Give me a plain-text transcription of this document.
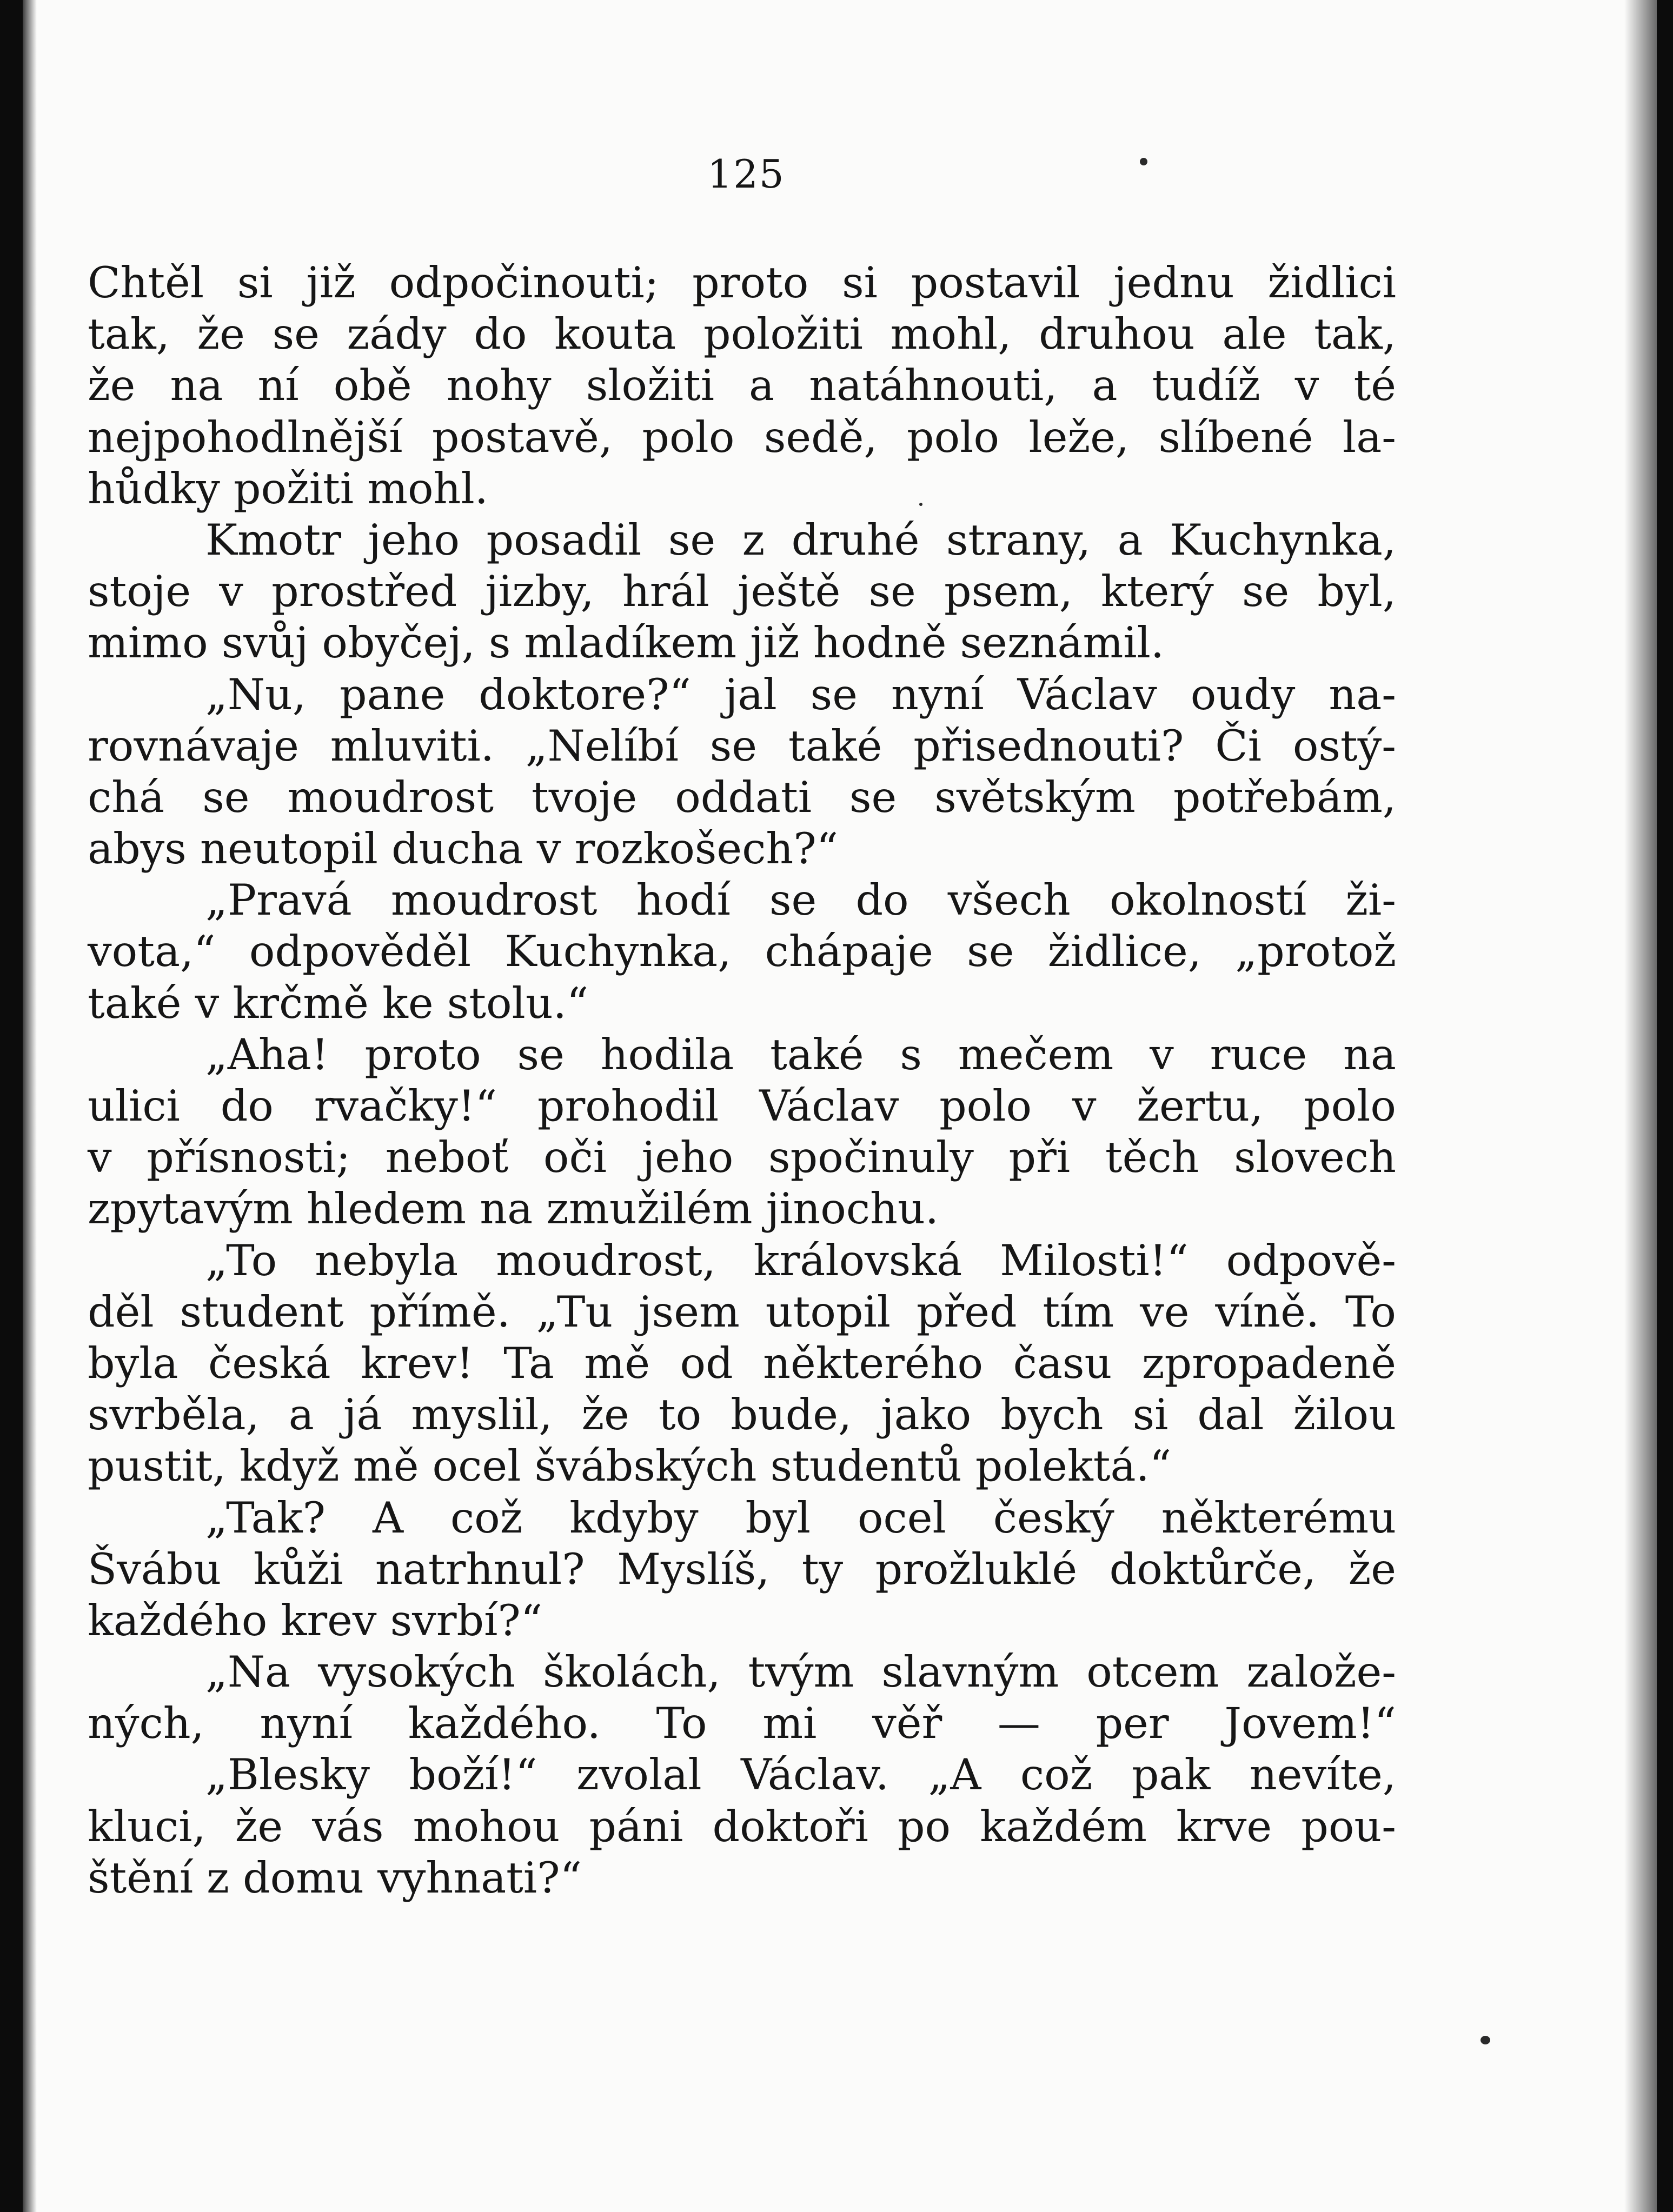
125
Chtěl si již odpočinouti; proto si postavil jednu židlici
tak, že se zády do kouta položiti mohl, druhou ale tak,
že na ní obě nohy složiti a natáhnouti, a tudíž v té
nejpohodlnější postavě, polo sedě, polo leže, slíbené la-
hůdky požiti mohl.
Kmotr jeho posadil se z druhé strany, a Kuchynka,
stoje v prostřed jizby, hrál ještě se psem, který se byl,
mimo svůj obyčej, s mladíkem již hodně seznámil.
„Nu, pane doktore?“ jal se nyní Václav oudy na-
rovnávaje mluviti. „Nelíbí se také přisednouti? Či ostý-
chá se moudrost tvoje oddati se světským potřebám,
abys neutopil ducha v rozkošech?“
„Pravá moudrost hodí se do všech okolností ži-
vota,“ odpověděl Kuchynka, chápaje se židlice, „protož
také v krčmě ke stolu.“
„Aha! proto se hodila také s mečem v ruce na
ulici do rvačky!“ prohodil Václav polo v žertu, polo
v přísnosti; neboť oči jeho spočinuly při těch slovech
zpytavým hledem na zmužilém jinochu.
„To nebyla moudrost, královská Milosti!“ odpově-
děl student přímě. „Tu jsem utopil před tím ve víně. To
byla česká krev! Ta mě od některého času zpropadeně
svrběla, a já myslil, že to bude, jako bych si dal žilou
pustit, když mě ocel švábských studentů polektá.“
„Tak? A což kdyby byl ocel český některému
Švábu kůži natrhnul? Myslíš, ty prožluklé doktůrče, že
každého krev svrbí?“
„Na vysokých školách, tvým slavným otcem založe-
ných, nyní každého. To mi věř — per Jovem!“
„Blesky boží!“ zvolal Václav. „A což pak nevíte,
kluci, že vás mohou páni doktoři po každém krve pou-
štění z domu vyhnati?“
